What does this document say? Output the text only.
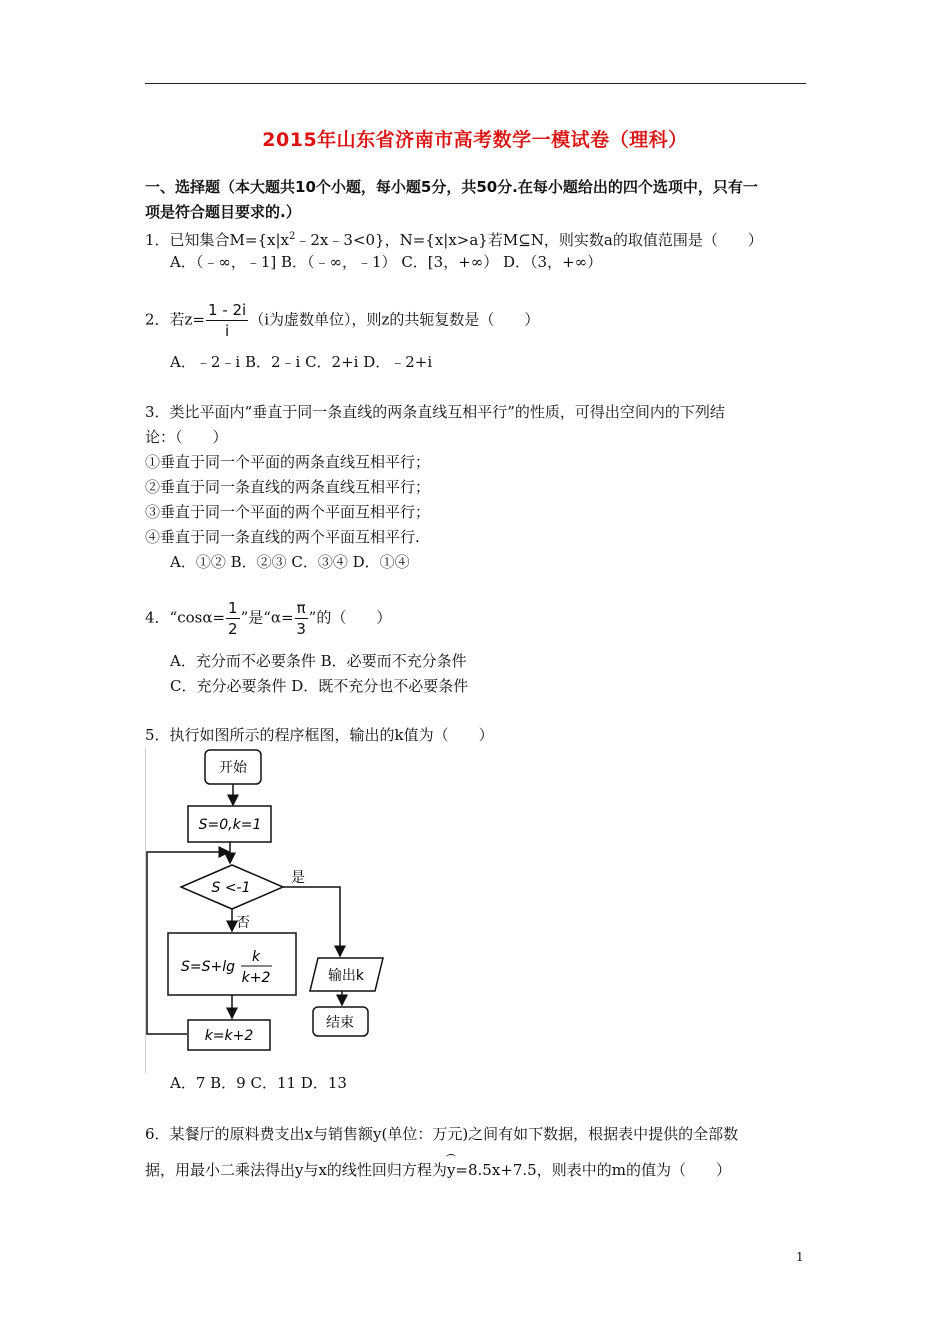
2015年山东省济南市高考数学一模试卷（理科）
一、选择题（本大题共10个小题，每小题5分，共50分.在每小题给出的四个选项中，只有一
项是符合题目要求的.）
1．已知集合$M=\{x|x^2﹣2x﹣3<0\}$，N={x|x>a}若M⊆N，则实数a的取值范围是（　　）
A．（﹣∞，﹣1] B．（﹣∞，﹣1） C．[3，+∞） D．（3，+∞）
2．若$z= \frac{1 - 2i}{i} (i$为虚数单位），则z的共轭复数是（　　）
A．﹣2﹣i B．2﹣i C．2+i D．﹣2+i
3．类比平面内“垂直于同一条直线的两条直线互相平行”的性质，可得出空间内的下列结
论：（　　）
①垂直于同一个平面的两条直线互相平行；
②垂直于同一条直线的两条直线互相平行；
③垂直于同一个平面的两个平面互相平行；
④垂直于同一条直线的两个平面互相平行.
A．①② B．②③ C．③④ D．①④
4．“$\cos\alpha= \frac{1}{2}$ ”是“$\alpha= \frac{\pi}{3}$ ”的（　　）
A．充分而不必要条件 B．必要而不充分条件
C．充分必要条件 D．既不充分也不必要条件
5．执行如图所示的程序框图，输出的k值为（　　）
开始
S=0,k=1
S <-1
是
否
S=S+lg
k
k+2
k=k+2
输出k
结束
A．7 B．9 C．11 D．13
6．某餐厅的原料费支出x与销售额y(单位：万元)之间有如下数据，根据表中提供的全部数
据，用最小二乘法得出y与x的线性回归方程为y=8.5x+7.5，则表中的m的值为（　　）
1
